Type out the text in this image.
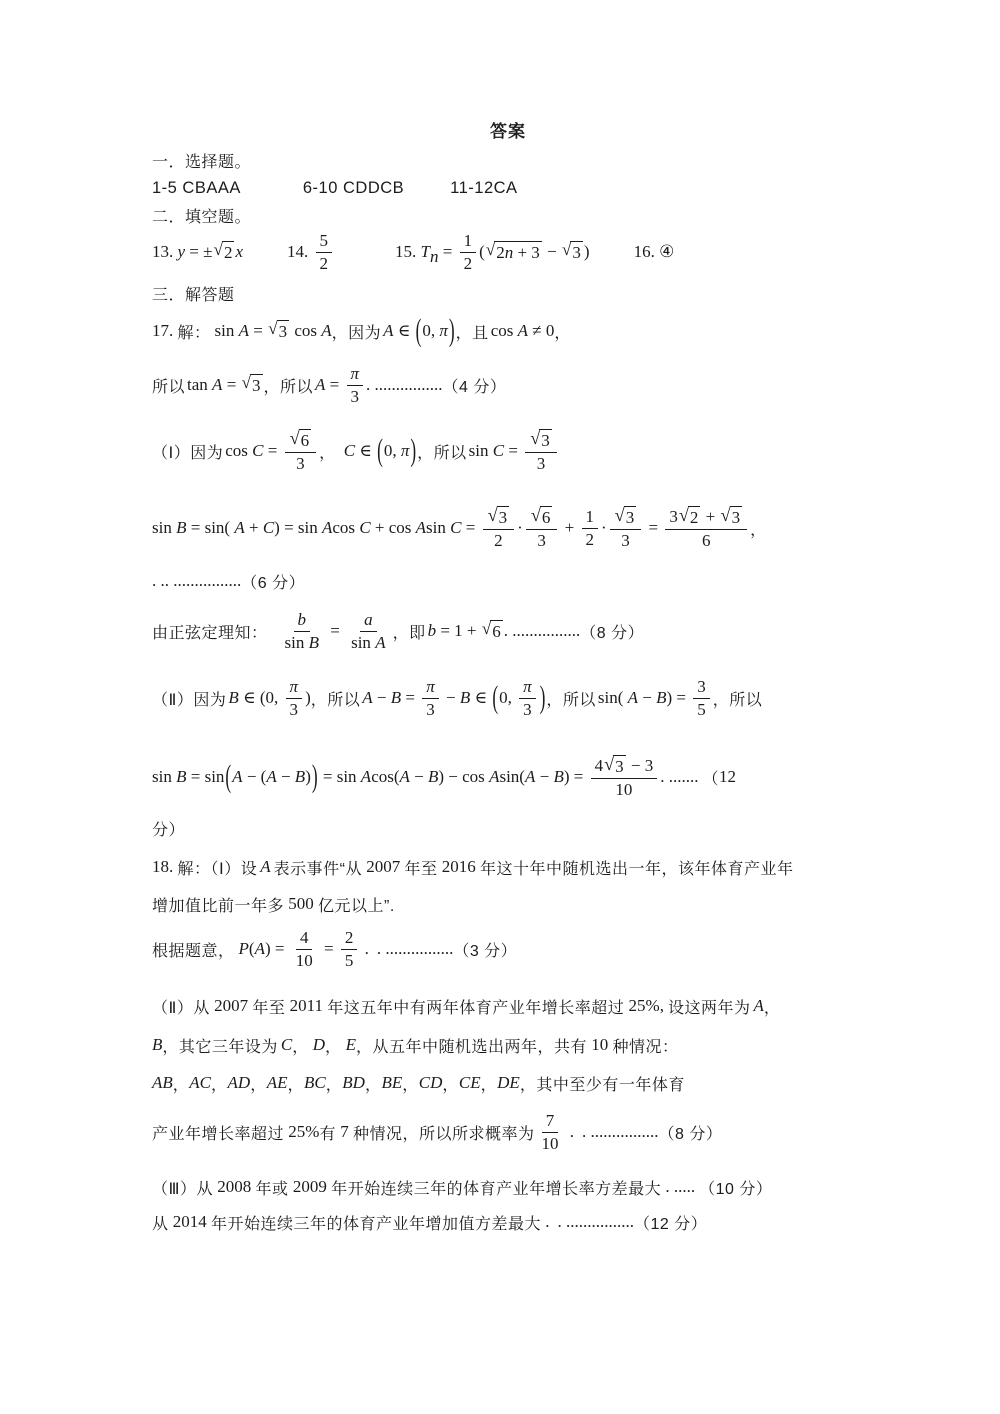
答案
一．选择题。
1-5 CBAAA	6-10 CDDCB	11-12CA
二．填空题。
13. y = ± √ 2 x	14. $\frac{5}{2}$	15. T $n = \frac{1}{2}$ ( √ 2 n + 3 − √ 3 )	16. ④
三．解答题
17. 解： sin A = √ 3 cos A ，因为 A ∈ ( 0, π ) ，且 cos A ≠ 0 ，
所以 tan A = √ 3 ，所以 $A = \frac{\pi}{3}$ . ................ （4 分）
（Ⅰ）因为 $\cos C = \frac{√ 6}{3}$ ， C ∈ ( 0, π ) ，所以 $\sin C = \frac{√ 3}{3}$
sin B = sin( A + C ) = sin A cos C + cos A $\sin C = \frac{√ 3}{2} \cdot \frac{√ 6}{3} + \frac{1}{2} \cdot \frac{√ 3}{3} = \frac{3 √ 2 + √ 3}{6}$ ，
. .. ................ （6 分）
由正弦定理知： $\frac{b}{\text{sin B}} = \frac{a}{\text{sin A}}$ ，即 b = 1 + √ 6 . ................ （8 分）
（Ⅱ）因为 B ∈ (0, $\frac{\pi}{3}$ ) ，所以 $A - B = \frac{\pi}{3} - B$ ∈ ( 0, $\frac{\pi}{3}$ ) ，所以 sin( A − B ) = $\frac{3}{5}$ ，所以
sin B = sin ( A − ( A − B ) ) = sin A cos( A − B ) − cos A sin( A − B ) = $\frac{4 √ 3 - 3}{10}$ . ....... （ 12
分）
18. 解：（Ⅰ）设 A 表示事件“从 2007 年至 2016 年这十年中随机选出一年，该年体育产业年
增加值比前一年多 500 亿元以上”.
根据题意， P ( A ) = $\frac{4}{10} = \frac{2}{5}$ . . ................ （3 分）
（Ⅱ）从 2007 年至 2011 年这五年中有两年体育产业年增长率超过 25%, 设这两年为 A ，
B ，其它三年设为 C ， D ， E ，从五年中随机选出两年，共有 10 种情况：
AB ， AC ， AD ， AE ， BC ， BD ， BE ， CD ， CE ， DE ，其中至少有一年体育
产业年增长率超过 25% 有 7 种情况，所以所求概率为 $\frac{7}{10}$ . . ................ （8 分）
（Ⅲ）从 2008 年或 2009 年开始连续三年的体育产业年增长率方差最大 . ..... （10 分）
从 2014 年开始连续三年的体育产业年增加值方差最大 . . ................ （12 分）
